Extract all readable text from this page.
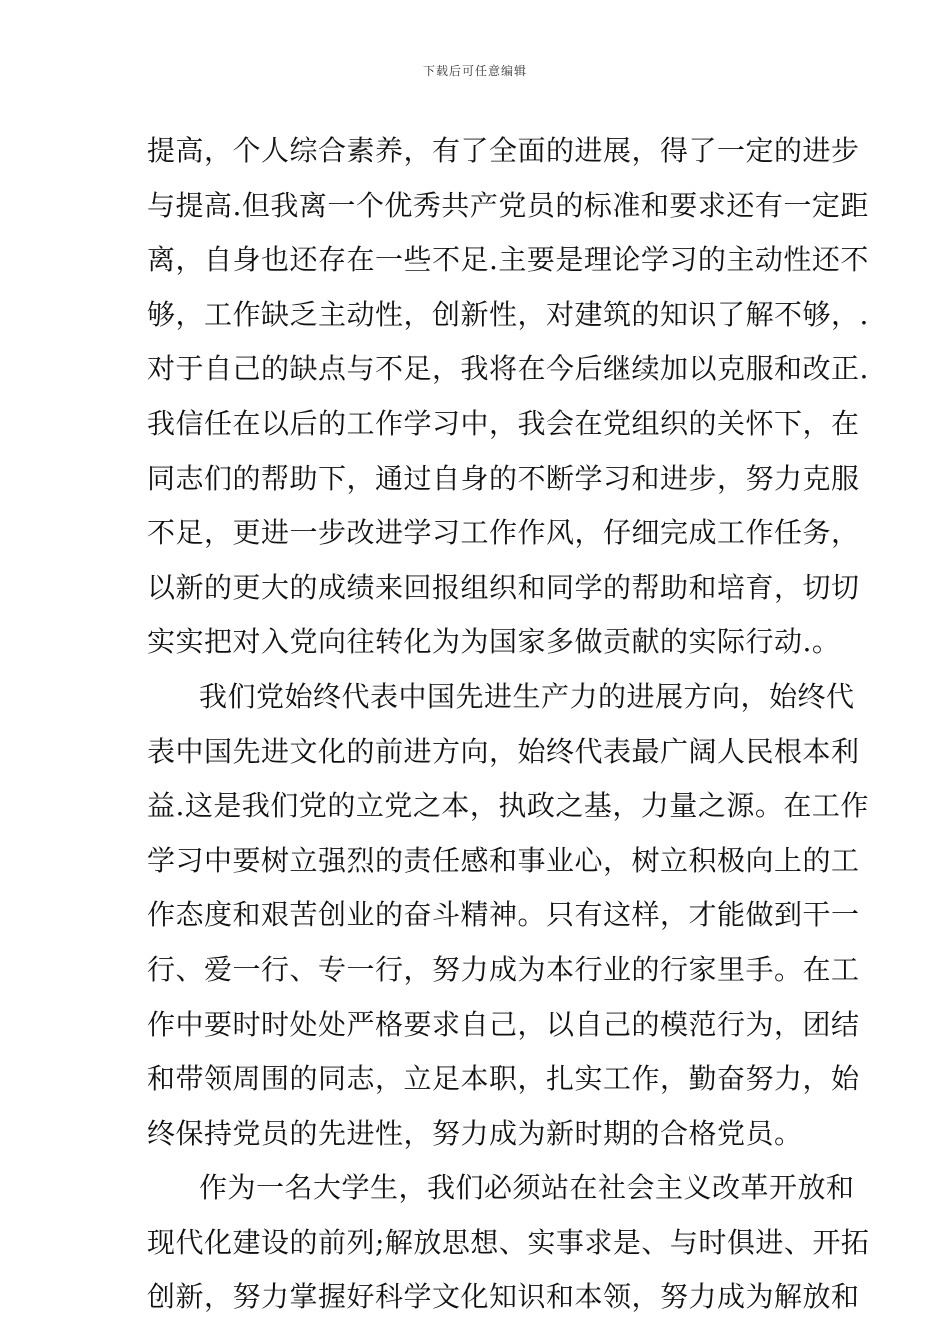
下载后可任意编辑
提高，个人综合素养，有了全面的进展，得了一定的进步
与提高.但我离一个优秀共产党员的标准和要求还有一定距
离，自身也还存在一些不足.主要是理论学习的主动性还不
够，工作缺乏主动性，创新性，对建筑的知识了解不够，.
对于自己的缺点与不足，我将在今后继续加以克服和改正.
我信任在以后的工作学习中，我会在党组织的关怀下，在
同志们的帮助下，通过自身的不断学习和进步，努力克服
不足，更进一步改进学习工作作风，仔细完成工作任务，
以新的更大的成绩来回报组织和同学的帮助和培育，切切
实实把对入党向往转化为为国家多做贡献的实际行动.。
我们党始终代表中国先进生产力的进展方向，始终代
表中国先进文化的前进方向，始终代表最广阔人民根本利
益.这是我们党的立党之本，执政之基，力量之源。在工作
学习中要树立强烈的责任感和事业心，树立积极向上的工
作态度和艰苦创业的奋斗精神。只有这样，才能做到干一
行、爱一行、专一行，努力成为本行业的行家里手。在工
作中要时时处处严格要求自己，以自己的模范行为，团结
和带领周围的同志，立足本职，扎实工作，勤奋努力，始
终保持党员的先进性，努力成为新时期的合格党员。
作为一名大学生，我们必须站在社会主义改革开放和
现代化建设的前列;解放思想、实事求是、与时俱进、开拓
创新，努力掌握好科学文化知识和本领，努力成为解放和
